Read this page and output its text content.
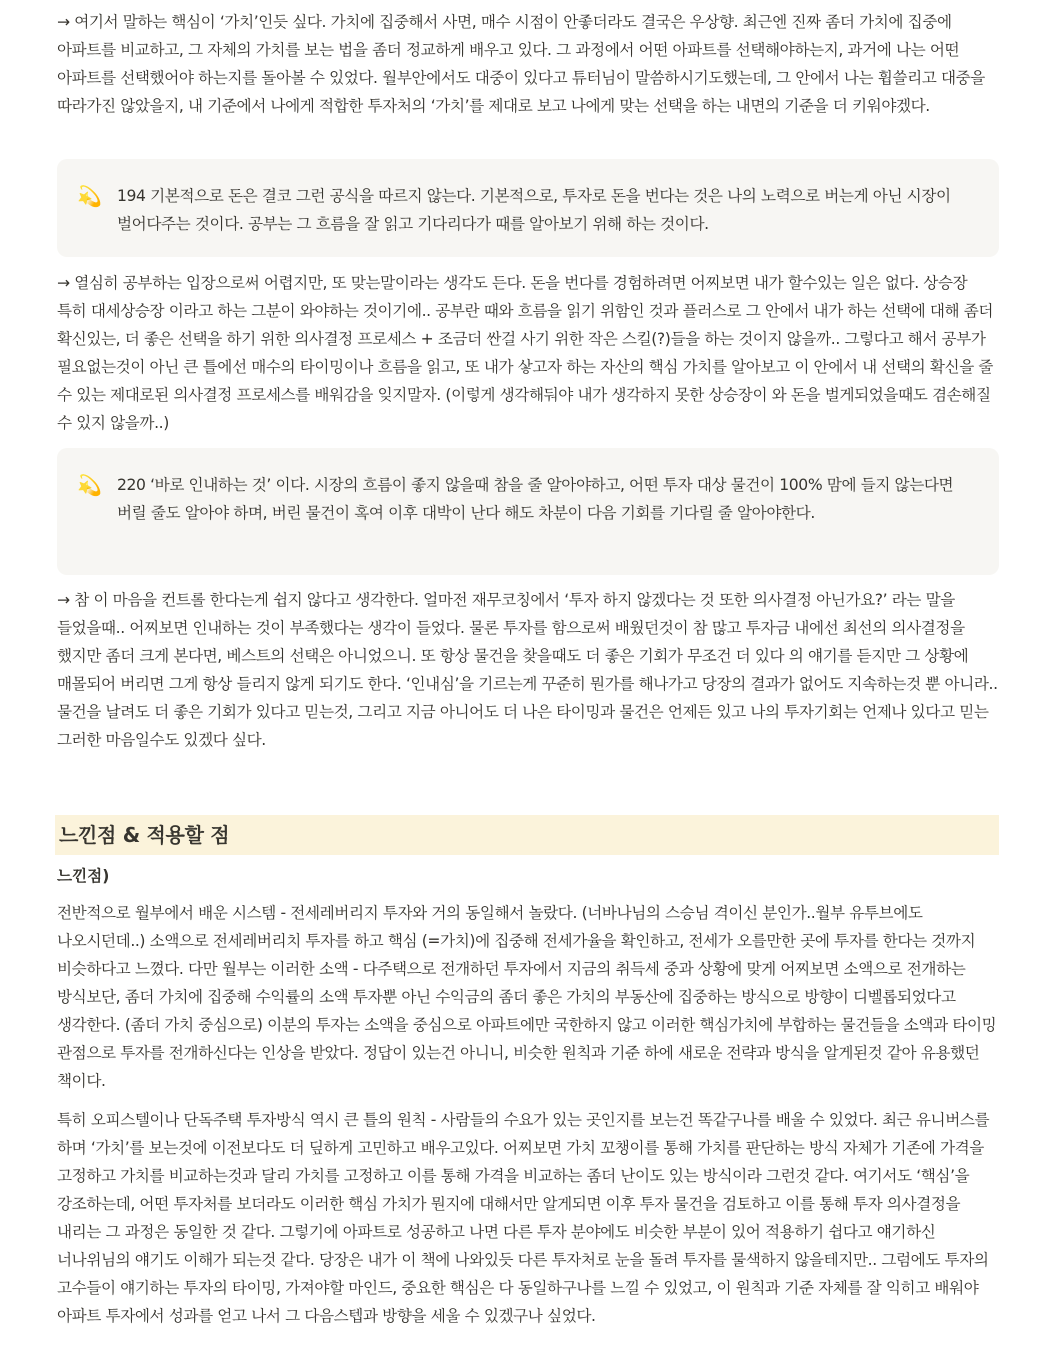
→ 여기서 말하는 핵심이 ‘가치’인듯 싶다. 가치에 집중해서 사면, 매수 시점이 안좋더라도 결국은 우상향. 최근엔 진짜 좀더 가치에 집중에 아파트를 비교하고, 그 자체의 가치를 보는 법을 좀더 정교하게 배우고 있다. 그 과정에서 어떤 아파트를 선택해야하는지, 과거에 나는 어떤 아파트를 선택했어야 하는지를 돌아볼 수 있었다. 월부안에서도 대중이 있다고 튜터님이 말씀하시기도했는데, 그 안에서 나는 휩쓸리고 대중을 따라가진 않았을지, 내 기준에서 나에게 적합한 투자처의 ‘가치’를 제대로 보고 나에게 맞는 선택을 하는 내면의 기준을 더 키워야겠다.

💫 194 기본적으로 돈은 결코 그런 공식을 따르지 않는다. 기본적으로, 투자로 돈을 번다는 것은 나의 노력으로 버는게 아닌 시장이 벌어다주는 것이다. 공부는 그 흐름을 잘 읽고 기다리다가 때를 알아보기 위해 하는 것이다.

→ 열심히 공부하는 입장으로써 어렵지만, 또 맞는말이라는 생각도 든다. 돈을 번다를 경험하려면 어찌보면 내가 할수있는 일은 없다. 상승장 특히 대세상승장 이라고 하는 그분이 와야하는 것이기에.. 공부란 때와 흐름을 읽기 위함인 것과 플러스로 그 안에서 내가 하는 선택에 대해 좀더 확신있는, 더 좋은 선택을 하기 위한 의사결정 프로세스 + 조금더 싼걸 사기 위한 작은 스킬(?)들을 하는 것이지 않을까.. 그렇다고 해서 공부가 필요없는것이 아닌 큰 틀에선 매수의 타이밍이나 흐름을 읽고, 또 내가 샇고자 하는 자산의 핵심 가치를 알아보고 이 안에서 내 선택의 확신을 줄 수 있는 제대로된 의사결정 프로세스를 배워감을 잊지말자. (이렇게 생각해둬야 내가 생각하지 못한 상승장이 와 돈을 벌게되었을때도 겸손해질 수 있지 않을까..)

💫 220 ‘바로 인내하는 것’ 이다. 시장의 흐름이 좋지 않을때 참을 줄 알아야하고, 어떤 투자 대상 물건이 100% 맘에 들지 않는다면 버릴 줄도 알아야 하며, 버린 물건이 혹여 이후 대박이 난다 해도 차분이 다음 기회를 기다릴 줄 알아야한다.

→ 참 이 마음을 컨트롤 한다는게 쉽지 않다고 생각한다. 얼마전 재무코칭에서 ‘투자 하지 않겠다는 것 또한 의사결정 아닌가요?’ 라는 말을 들었을때.. 어찌보면 인내하는 것이 부족했다는 생각이 들었다. 물론 투자를 함으로써 배웠던것이 참 많고 투자금 내에선 최선의 의사결정을 했지만 좀더 크게 본다면, 베스트의 선택은 아니었으니. 또 항상 물건을 찾을때도 더 좋은 기회가 무조건 더 있다 의 얘기를 듣지만 그 상황에 매몰되어 버리면 그게 항상 들리지 않게 되기도 한다. ‘인내심’을 기르는게 꾸준히 뭔가를 해나가고 당장의 결과가 없어도 지속하는것 뿐 아니라.. 물건을 날려도 더 좋은 기회가 있다고 믿는것, 그리고 지금 아니어도 더 나은 타이밍과 물건은 언제든 있고 나의 투자기회는 언제나 있다고 믿는 그러한 마음일수도 있겠다 싶다.

느낀점 & 적용할 점
느낀점)

전반적으로 월부에서 배운 시스템 - 전세레버리지 투자와 거의 동일해서 놀랐다. (너바나님의 스승님 격이신 분인가..월부 유투브에도 나오시던데..) 소액으로 전세레버리치 투자를 하고 핵심 (=가치)에 집중해 전세가율을 확인하고, 전세가 오를만한 곳에 투자를 한다는 것까지 비슷하다고 느꼈다. 다만 월부는 이러한 소액 - 다주택으로 전개하던 투자에서 지금의 취득세 중과 상황에 맞게 어찌보면 소액으로 전개하는 방식보단, 좀더 가치에 집중해 수익률의 소액 투자뿐 아닌 수익금의 좀더 좋은 가치의 부동산에 집중하는 방식으로 방향이 디벨롭되었다고 생각한다. (좀더 가치 중심으로) 이분의 투자는 소액을 중심으로 아파트에만 국한하지 않고 이러한 핵심가치에 부합하는 물건들을 소액과 타이밍 관점으로 투자를 전개하신다는 인상을 받았다. 정답이 있는건 아니니, 비슷한 원칙과 기준 하에 새로운 전략과 방식을 알게된것 같아 유용했던 책이다.

특히 오피스텔이나 단독주택 투자방식 역시 큰 틀의 원칙 - 사람들의 수요가 있는 곳인지를 보는건 똑같구나를 배울 수 있었다. 최근 유니버스를 하며 ‘가치’를 보는것에 이전보다도 더 딮하게 고민하고 배우고있다. 어찌보면 가치 꼬챙이를 통해 가치를 판단하는 방식 자체가 기존에 가격을 고정하고 가치를 비교하는것과 달리 가치를 고정하고 이를 통해 가격을 비교하는 좀더 난이도 있는 방식이라 그런것 같다. 여기서도 ‘핵심’을 강조하는데, 어떤 투자처를 보더라도 이러한 핵심 가치가 뭔지에 대해서만 알게되면 이후 투자 물건을 검토하고 이를 통해 투자 의사결정을 내리는 그 과정은 동일한 것 같다. 그렇기에 아파트로 성공하고 나면 다른 투자 분야에도 비슷한 부분이 있어 적용하기 쉽다고 얘기하신 너나위님의 얘기도 이해가 되는것 같다. 당장은 내가 이 책에 나와있듯 다른 투자처로 눈을 돌려 투자를 물색하지 않을테지만.. 그럼에도 투자의 고수들이 얘기하는 투자의 타이밍, 가져야할 마인드, 중요한 핵심은 다 동일하구나를 느낄 수 있었고, 이 원칙과 기준 자체를 잘 익히고 배워야 아파트 투자에서 성과를 얻고 나서 그 다음스텝과 방향을 세울 수 있겠구나 싶었다.
